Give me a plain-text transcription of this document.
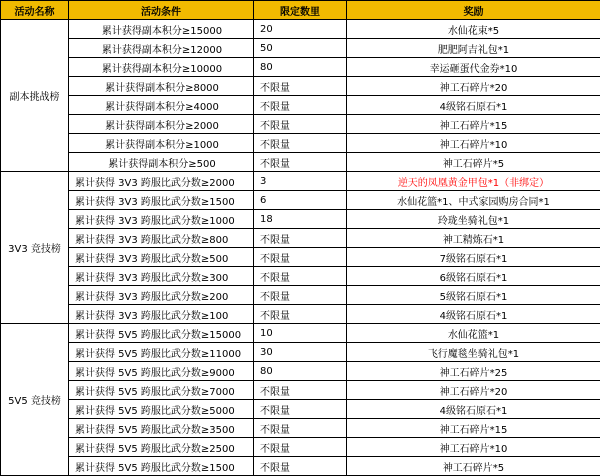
活动名称	活动条件	限定数里	奖励
副本挑战榜	累计获得副本积分≥15000	20	水仙花束*5
	累计获得副本积分≥12000	50	肥肥阿吉礼包*1
	累计获得副本积分≥10000	80	幸运砸蛋代金券*10
	累计获得副本积分≥8000	不限量	神工石碎片*20
	累计获得副本积分≥4000	不限量	4级铭石原石*1
	累计获得副本积分≥2000	不限量	神工石碎片*15
	累计获得副本积分≥1000	不限量	神工石碎片*10
	累计获得副本积分≥500	不限量	神工石碎片*5
3V3 竞技榜	累计获得 3V3 跨服比武分数≥2000	3	逆天的凤凰黄金甲包*1（非绑定）
	累计获得 3V3 跨服比武分数≥1500	6	水仙花篮*1、中式家园购房合同*1
	累计获得 3V3 跨服比武分数≥1000	18	玲珑坐骑礼包*1
	累计获得 3V3 跨服比武分数≥800	不限量	神工精炼石*1
	累计获得 3V3 跨服比武分数≥500	不限量	7级铭石原石*1
	累计获得 3V3 跨服比武分数≥300	不限量	6级铭石原石*1
	累计获得 3V3 跨服比武分数≥200	不限量	5级铭石原石*1
	累计获得 3V3 跨服比武分数≥100	不限量	4级铭石原石*1
5V5 竞技榜	累计获得 5V5 跨服比武分数≥15000	10	水仙花篮*1
	累计获得 5V5 跨服比武分数≥11000	30	飞行魔毯坐骑礼包*1
	累计获得 5V5 跨服比武分数≥9000	80	神工石碎片*25
	累计获得 5V5 跨服比武分数≥7000	不限量	神工石碎片*20
	累计获得 5V5 跨服比武分数≥5000	不限量	4级铭石原石*1
	累计获得 5V5 跨服比武分数≥3500	不限量	神工石碎片*15
	累计获得 5V5 跨服比武分数≥2500	不限量	神工石碎片*10
	累计获得 5V5 跨服比武分数≥1500	不限量	神工石碎片*5
